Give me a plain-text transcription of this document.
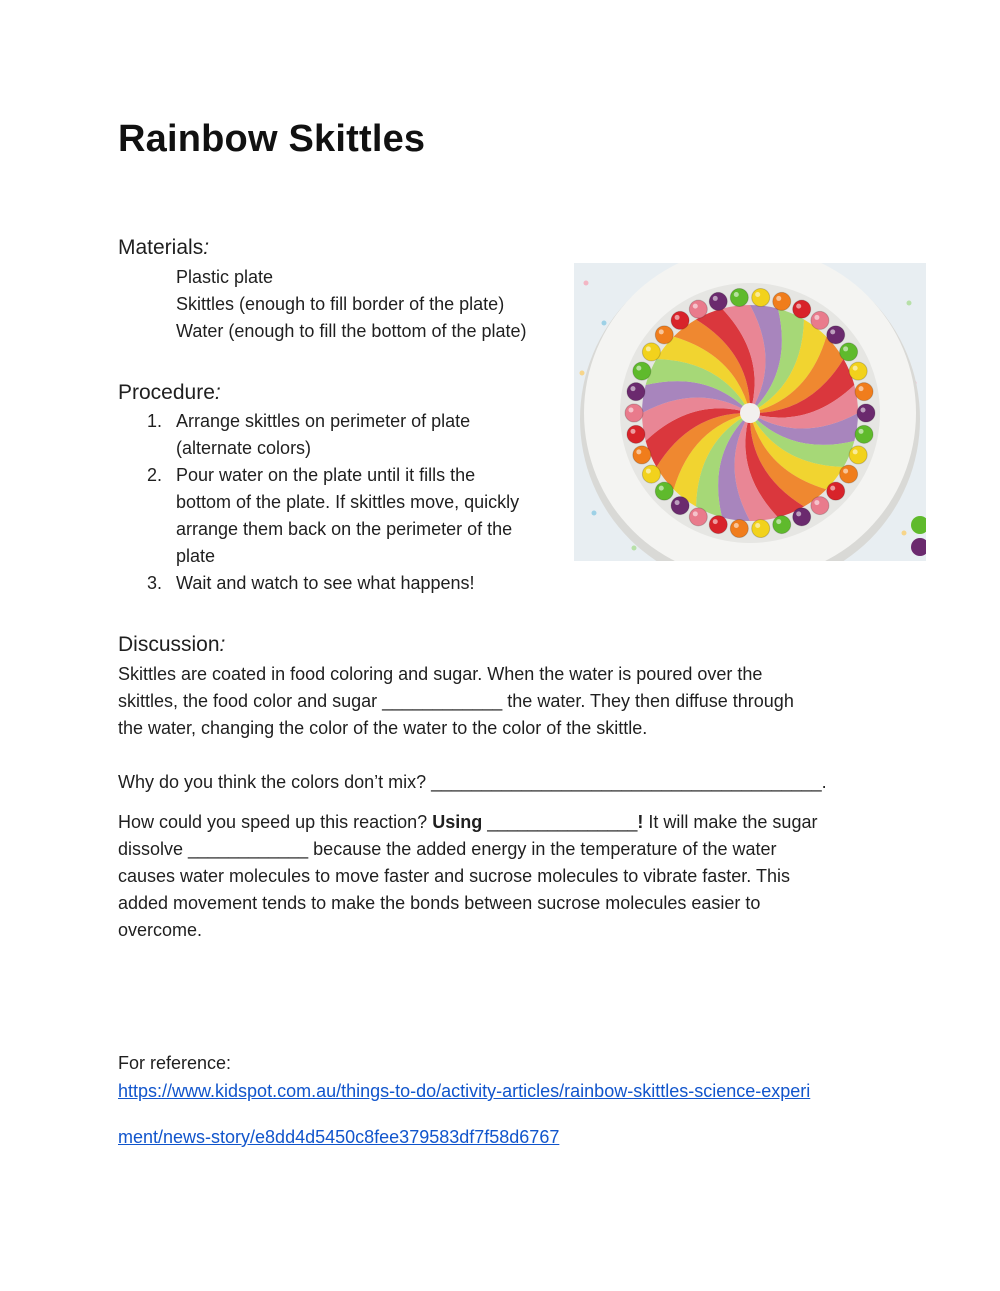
Rainbow Skittles
Materials:
Plastic plate
Skittles (enough to fill border of the plate)
Water (enough to fill the bottom of the plate)
Procedure:
1. Arrange skittles on perimeter of plate
(alternate colors)
2. Pour water on the plate until it fills the
bottom of the plate. If skittles move, quickly
arrange them back on the perimeter of the
plate
3. Wait and watch to see what happens!
Discussion:
Skittles are coated in food coloring and sugar. When the water is poured over the
skittles, the food color and sugar ____________ the water. They then diffuse through
the water, changing the color of the water to the color of the skittle.
Why do you think the colors don’t mix? _______________________________________.
How could you speed up this reaction? Using _______________! It will make the sugar
dissolve ____________ because the added energy in the temperature of the water
causes water molecules to move faster and sucrose molecules to vibrate faster. This
added movement tends to make the bonds between sucrose molecules easier to
overcome.
For reference:
https://www.kidspot.com.au/things-to-do/activity-articles/rainbow-skittles-science-experi
ment/news-story/e8dd4d5450c8fee379583df7f58d6767
